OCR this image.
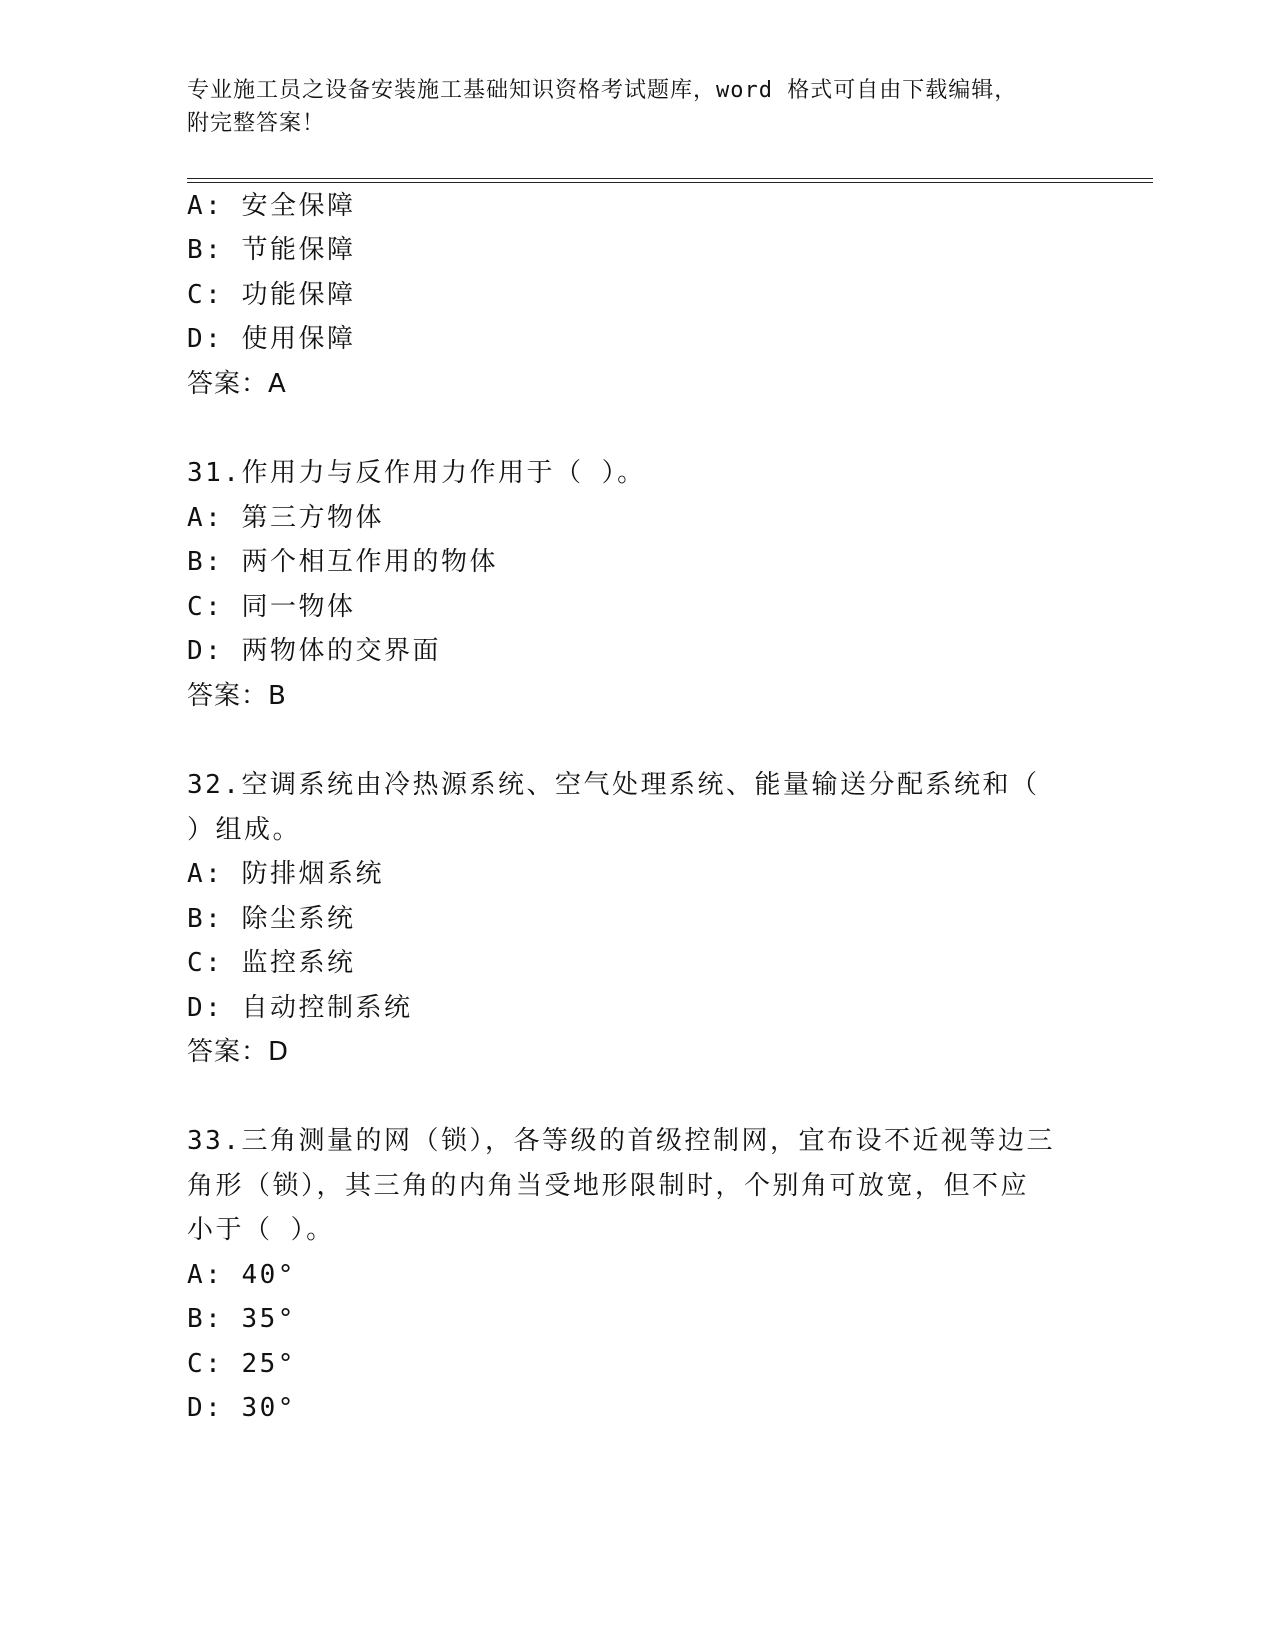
专业施工员之设备安装施工基础知识资格考试题库，word 格式可自由下载编辑，
附完整答案！
A: 安全保障
B: 节能保障
C: 功能保障
D: 使用保障
答案：A
31.作用力与反作用力作用于（ ）。
A: 第三方物体
B: 两个相互作用的物体
C: 同一物体
D: 两物体的交界面
答案：B
32.空调系统由冷热源系统、空气处理系统、能量输送分配系统和（
）组成。
A: 防排烟系统
B: 除尘系统
C: 监控系统
D: 自动控制系统
答案：D
33.三角测量的网（锁），各等级的首级控制网，宜布设不近视等边三
角形（锁），其三角的内角当受地形限制时，个别角可放宽，但不应
小于（ ）。
A: 40°
B: 35°
C: 25°
D: 30°
